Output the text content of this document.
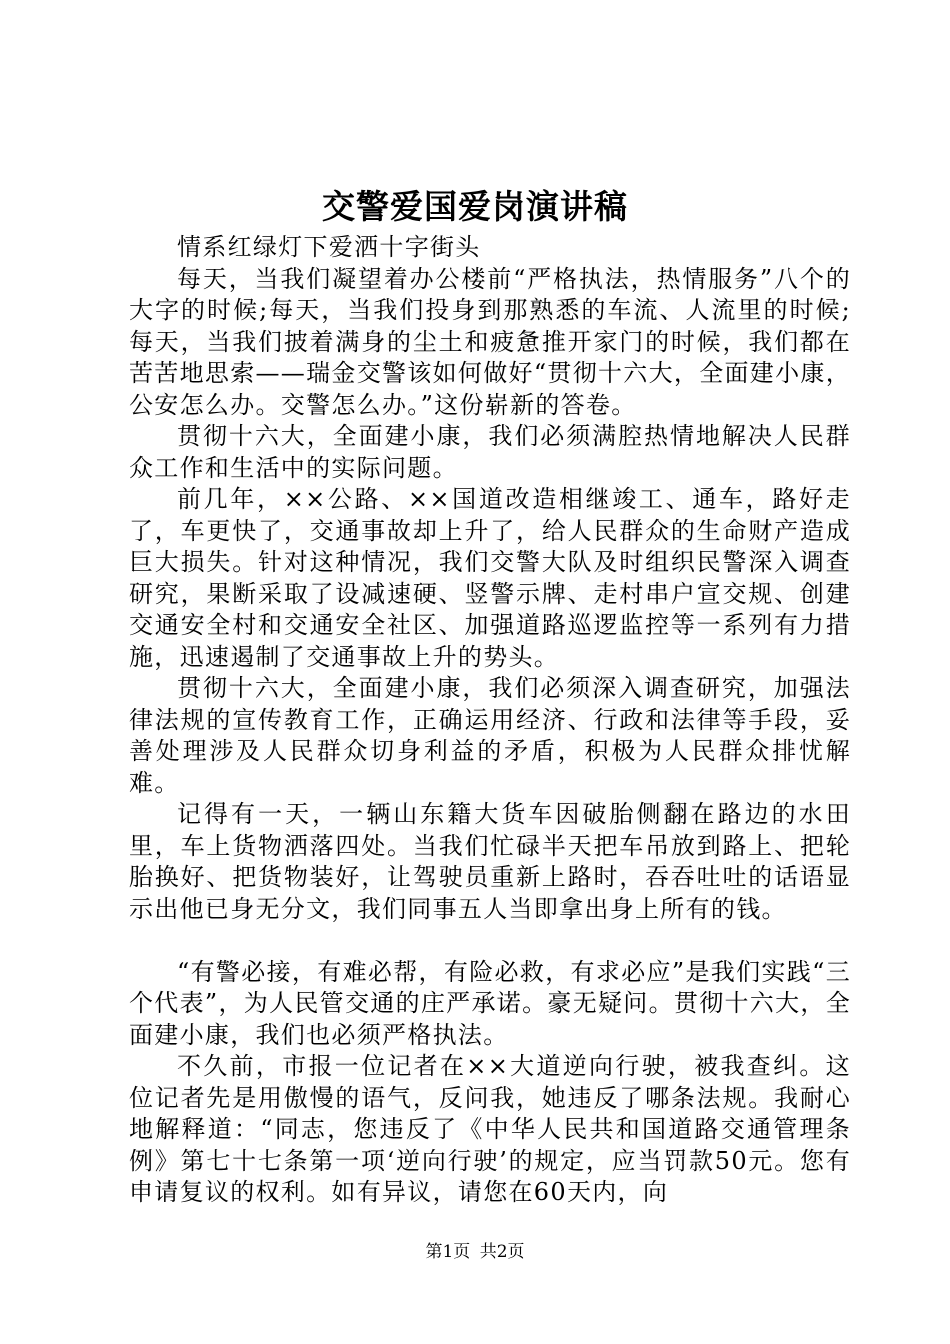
交警爱国爱岗演讲稿

情系红绿灯下爱洒十字街头

每天，当我们凝望着办公楼前“严格执法，热情服务”八个的大字的时候;每天，当我们投身到那熟悉的车流、人流里的时候;每天，当我们披着满身的尘土和疲惫推开家门的时候，我们都在苦苦地思索——瑞金交警该如何做好“贯彻十六大，全面建小康，公安怎么办。交警怎么办。”这份崭新的答卷。

贯彻十六大，全面建小康，我们必须满腔热情地解决人民群众工作和生活中的实际问题。

前几年，××公路、××国道改造相继竣工、通车，路好走了，车更快了，交通事故却上升了，给人民群众的生命财产造成巨大损失。针对这种情况，我们交警大队及时组织民警深入调查研究，果断采取了设减速硬、竖警示牌、走村串户宣交规、创建交通安全村和交通安全社区、加强道路巡逻监控等一系列有力措施，迅速遏制了交通事故上升的势头。

贯彻十六大，全面建小康，我们必须深入调查研究，加强法律法规的宣传教育工作，正确运用经济、行政和法律等手段，妥善处理涉及人民群众切身利益的矛盾，积极为人民群众排忧解难。

记得有一天，一辆山东籍大货车因破胎侧翻在路边的水田里，车上货物洒落四处。当我们忙碌半天把车吊放到路上、把轮胎换好、把货物装好，让驾驶员重新上路时，吞吞吐吐的话语显示出他已身无分文，我们同事五人当即拿出身上所有的钱。

“有警必接，有难必帮，有险必救，有求必应”是我们实践“三个代表”，为人民管交通的庄严承诺。豪无疑问。贯彻十六大，全面建小康，我们也必须严格执法。

不久前，市报一位记者在××大道逆向行驶，被我查纠。这位记者先是用傲慢的语气，反问我，她违反了哪条法规。我耐心地解释道：“同志，您违反了《中华人民共和国道路交通管理条例》第七十七条第一项‘逆向行驶’的规定，应当罚款50元。您有申请复议的权利。如有异议，请您在60天内，向

第1页 共2页
